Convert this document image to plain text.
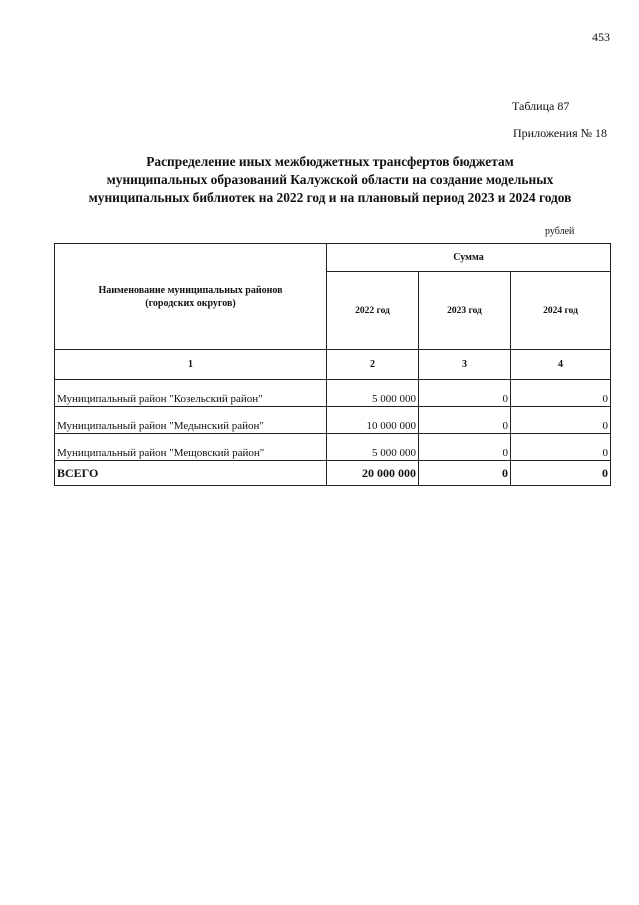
453
Таблица 87
Приложения № 18
Распределение иных межбюджетных трансфертов бюджетам
муниципальных образований Калужской области на создание модельных
муниципальных библиотек на 2022 год и на плановый период 2023 и 2024 годов
рублей
Наименование муниципальных районов
(городских округов)	Сумма		
	2022 год	2023 год	2024 год
1	2	3	4
Муниципальный район "Козельский район"	5 000 000	0	0
Муниципальный район "Медынский район"	10 000 000	0	0
Муниципальный район "Мещовский район"	5 000 000	0	0
ВСЕГО	20 000 000	0	0
